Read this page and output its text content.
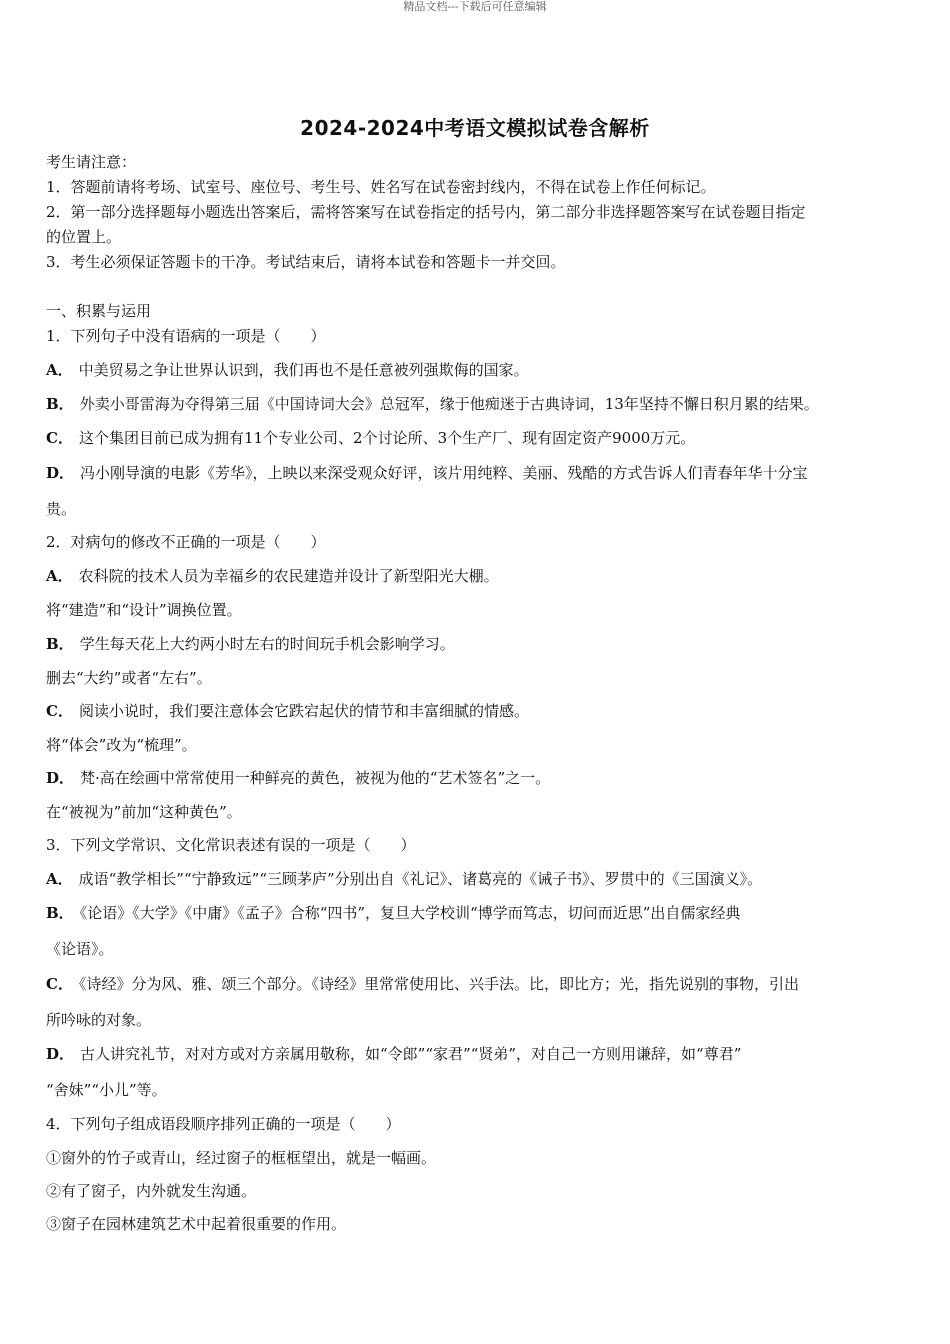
精品文档---下载后可任意编辑
2024-2024中考语文模拟试卷含解析
考生请注意：
1．答题前请将考场、试室号、座位号、考生号、姓名写在试卷密封线内，不得在试卷上作任何标记。
2．第一部分选择题每小题选出答案后，需将答案写在试卷指定的括号内，第二部分非选择题答案写在试卷题目指定
的位置上。
3．考生必须保证答题卡的干净。考试结束后，请将本试卷和答题卡一并交回。
一、积累与运用
1．下列句子中没有语病的一项是（　　）
A． 中美贸易之争让世界认识到，我们再也不是任意被列强欺侮的国家。
B． 外卖小哥雷海为夺得第三届《中国诗词大会》总冠军，缘于他痴迷于古典诗词，13年坚持不懈日积月累的结果。
C． 这个集团目前已成为拥有11个专业公司、2个讨论所、3个生产厂、现有固定资产9000万元。
D． 冯小刚导演的电影《芳华》，上映以来深受观众好评，该片用纯粹、美丽、残酷的方式告诉人们青春年华十分宝
贵。
2．对病句的修改不正确的一项是（　　）
A． 农科院的技术人员为幸福乡的农民建造并设计了新型阳光大棚。
将“建造”和“设计”调换位置。
B． 学生每天花上大约两小时左右的时间玩手机会影响学习。
删去“大约”或者“左右”。
C． 阅读小说时，我们要注意体会它跌宕起伏的情节和丰富细腻的情感。
将“体会”改为“梳理”。
D． 梵·高在绘画中常常使用一种鲜亮的黄色，被视为他的“艺术签名”之一。
在“被视为”前加“这种黄色”。
3．下列文学常识、文化常识表述有误的一项是（　　）
A． 成语“教学相长”“宁静致远”“三顾茅庐”分别出自《礼记》、诸葛亮的《诫子书》、罗贯中的《三国演义》。
B． 《论语》《大学》《中庸》《孟子》合称“四书”，复旦大学校训“博学而笃志，切问而近思”出自儒家经典
《论语》。
C． 《诗经》分为风、雅、颂三个部分。《诗经》里常常使用比、兴手法。比，即比方；光，指先说别的事物，引出
所吟咏的对象。
D． 古人讲究礼节，对对方或对方亲属用敬称，如“令郎”“家君”“贤弟”，对自己一方则用谦辞，如“尊君”
“舍妹”“小儿”等。
4．下列句子组成语段顺序排列正确的一项是（　　）
①窗外的竹子或青山，经过窗子的框框望出，就是一幅画。
②有了窗子，内外就发生沟通。
③窗子在园林建筑艺术中起着很重要的作用。
